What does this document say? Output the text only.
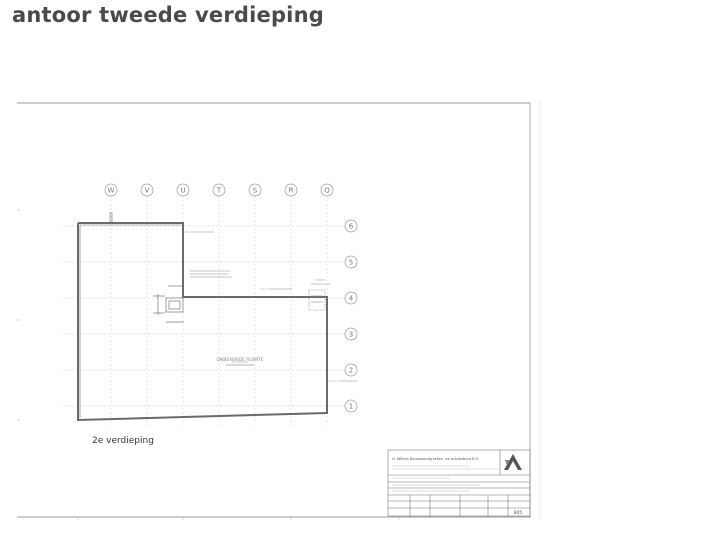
antoor tweede verdieping
W	V	U	T	S	R	Q
6
5
4
3
2
1
ONBEKENDE RUIMTE
H. Willms Bouwkundig teken- en adviesburo B.V.
805
2e verdieping
